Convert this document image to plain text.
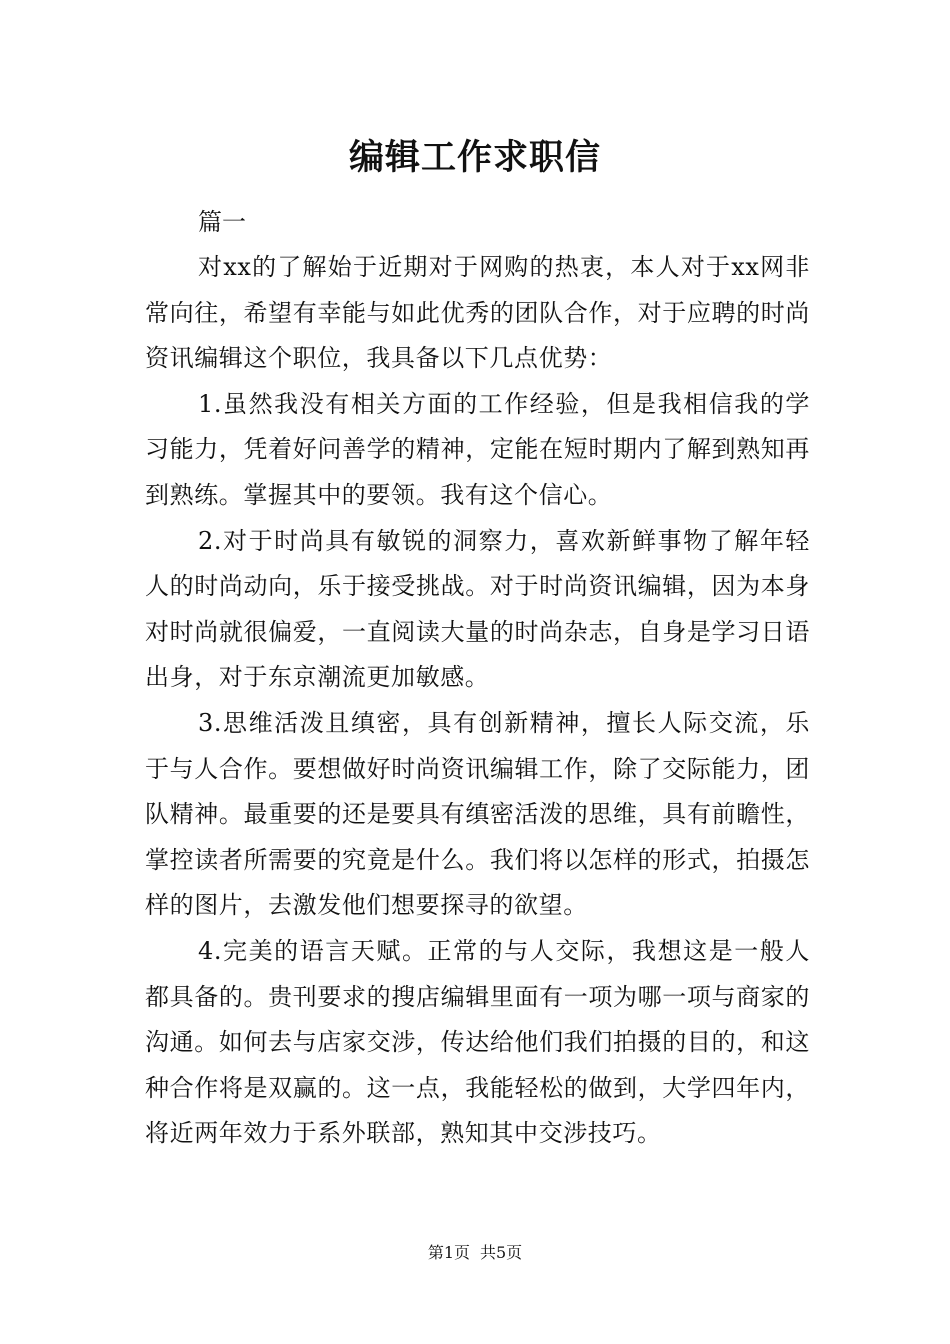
编辑工作求职信

篇一

对xx的了解始于近期对于网购的热衷，本人对于xx网非常向往，希望有幸能与如此优秀的团队合作，对于应聘的时尚资讯编辑这个职位，我具备以下几点优势：

1.虽然我没有相关方面的工作经验，但是我相信我的学习能力，凭着好问善学的精神，定能在短时期内了解到熟知再到熟练。掌握其中的要领。我有这个信心。

2.对于时尚具有敏锐的洞察力，喜欢新鲜事物了解年轻人的时尚动向，乐于接受挑战。对于时尚资讯编辑，因为本身对时尚就很偏爱，一直阅读大量的时尚杂志，自身是学习日语出身，对于东京潮流更加敏感。

3.思维活泼且缜密，具有创新精神，擅长人际交流，乐于与人合作。要想做好时尚资讯编辑工作，除了交际能力，团队精神。最重要的还是要具有缜密活泼的思维，具有前瞻性，掌控读者所需要的究竟是什么。我们将以怎样的形式，拍摄怎样的图片，去激发他们想要探寻的欲望。

4.完美的语言天赋。正常的与人交际，我想这是一般人都具备的。贵刊要求的搜店编辑里面有一项为哪一项与商家的沟通。如何去与店家交涉，传达给他们我们拍摄的目的，和这种合作将是双赢的。这一点，我能轻松的做到，大学四年内，将近两年效力于系外联部，熟知其中交涉技巧。

第1页 共5页
